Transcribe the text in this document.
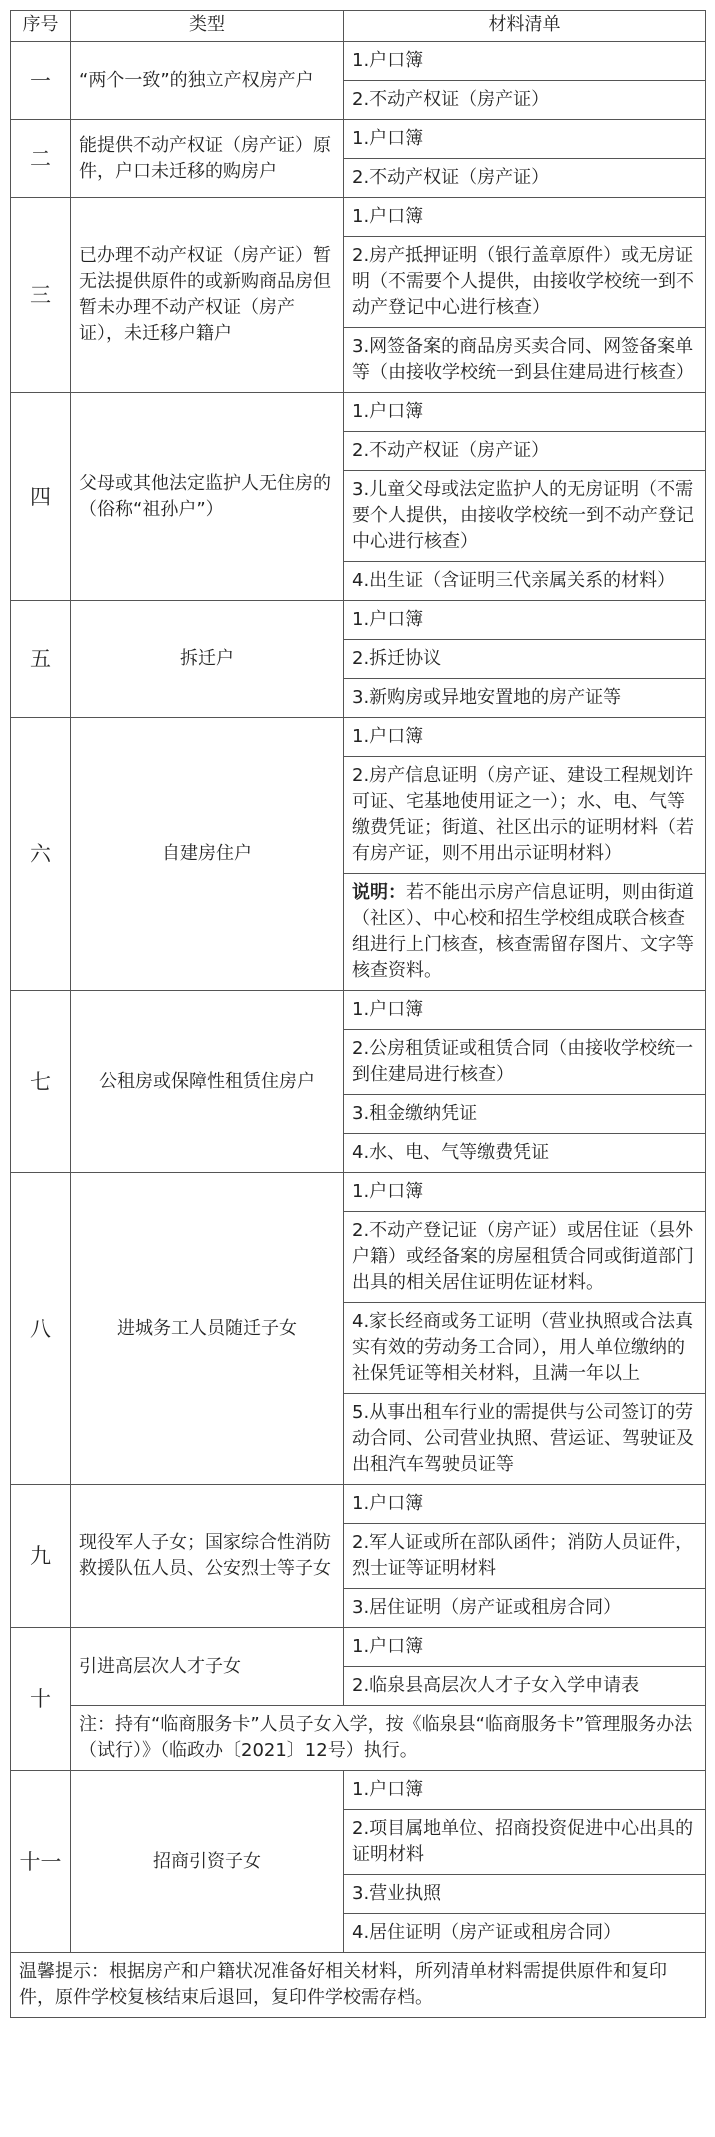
序号	类型	材料清单
一	“两个一致”的独立产权房产户	1.户口簿
		2.不动产权证（房产证）
二	能提供不动产权证（房产证）原件，户口未迁移的购房户	1.户口簿
		2.不动产权证（房产证）
三	已办理不动产权证（房产证）暂无法提供原件的或新购商品房但暂未办理不动产权证（房产证），未迁移户籍户	1.户口簿
		2.房产抵押证明（银行盖章原件）或无房证明（不需要个人提供，由接收学校统一到不动产登记中心进行核查）
		3.网签备案的商品房买卖合同、网签备案单等（由接收学校统一到县住建局进行核查）
四	父母或其他法定监护人无住房的（俗称“祖孙户”）	1.户口簿
		2.不动产权证（房产证）
		3.儿童父母或法定监护人的无房证明（不需要个人提供，由接收学校统一到不动产登记中心进行核查）
		4.出生证（含证明三代亲属关系的材料）
五	拆迁户	1.户口簿
		2.拆迁协议
		3.新购房或异地安置地的房产证等
六	自建房住户	1.户口簿
		2.房产信息证明（房产证、建设工程规划许可证、宅基地使用证之一）；水、电、气等缴费凭证；街道、社区出示的证明材料（若有房产证，则不用出示证明材料）
		说明：若不能出示房产信息证明，则由街道（社区）、中心校和招生学校组成联合核查组进行上门核查，核查需留存图片、文字等核查资料。
七	公租房或保障性租赁住房户	1.户口簿
		2.公房租赁证或租赁合同（由接收学校统一到住建局进行核查）
		3.租金缴纳凭证
		4.水、电、气等缴费凭证
八	进城务工人员随迁子女	1.户口簿
		2.不动产登记证（房产证）或居住证（县外户籍）或经备案的房屋租赁合同或街道部门出具的相关居住证明佐证材料。
		4.家长经商或务工证明（营业执照或合法真实有效的劳动务工合同），用人单位缴纳的社保凭证等相关材料，且满一年以上
		5.从事出租车行业的需提供与公司签订的劳动合同、公司营业执照、营运证、驾驶证及出租汽车驾驶员证等
九	现役军人子女；国家综合性消防救援队伍人员、公安烈士等子女	1.户口簿
		2.军人证或所在部队函件；消防人员证件，烈士证等证明材料
		3.居住证明（房产证或租房合同）
十	引进高层次人才子女	1.户口簿
		2.临泉县高层次人才子女入学申请表
	注：持有“临商服务卡”人员子女入学，按《临泉县“临商服务卡”管理服务办法（试行）》（临政办〔2021〕12号）执行。	
十一	招商引资子女	1.户口簿
		2.项目属地单位、招商投资促进中心出具的证明材料
		3.营业执照
		4.居住证明（房产证或租房合同）
温馨提示：根据房产和户籍状况准备好相关材料，所列清单材料需提供原件和复印件，原件学校复核结束后退回，复印件学校需存档。		
